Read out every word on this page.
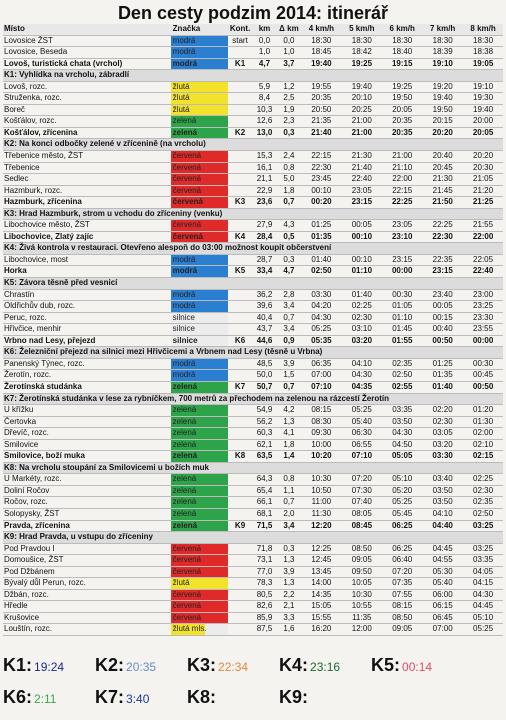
Den cesty podzim 2014: itinerář
Místo	Značka	Kont.	km	Δ km	4 km/h	5 km/h	6 km/h	7 km/h	8 km/h
Lovosice ŽST	modrá	start	0,0	0,0	18:30	18:30	18:30	18:30	18:30
Lovosice, Beseda	modrá	1,0	1,0	18:45	18:42	18:40	18:39	18:38
Lovoš, turistická chata (vrchol)	modrá	K1	4,7	3,7	19:40	19:25	19:15	19:10	19:05
K1: Vyhlídka na vrcholu, zábradlí
Lovoš, rozc.	žlutá	5,9	1,2	19:55	19:40	19:25	19:20	19:10
Struženka, rozc.	žlutá	8,4	2,5	20:35	20:10	19:50	19:40	19:30
Boreč	žlutá	10,3	1,9	20:50	20:25	20:05	19:50	19:40
Košťálov, rozc.	zelená	12,6	2,3	21:35	21:00	20:35	20:15	20:00
Košťálov, zřícenina	zelená	K2	13,0	0,3	21:40	21:00	20:35	20:20	20:05
K2: Na konci odbočky zelené v zřícenině (na vrcholu)
Třebenice město, ŽST	červená	15,3	2,4	22:15	21:30	21:00	20:40	20:20
Třebenice	červená	16,1	0,8	22:30	21:40	21:10	20:45	20:30
Sedlec	červená	21,1	5,0	23:45	22:40	22:00	21:30	21:05
Hazmburk, rozc.	červená	22,9	1,8	00:10	23:05	22:15	21:45	21:20
Hazmburk, zřícenina	červená	K3	23,6	0,7	00:20	23:15	22:25	21:50	21:25
K3: Hrad Hazmburk, strom u vchodu do zříceniny (venku)
Libochovice město, ŽST	červená	27,9	4,3	01:25	00:05	23:05	22:25	21:55
Libochovice, Zlatý zajíc	červená	K4	28,4	0,5	01:35	00:10	23:10	22:30	22:00
K4: Živá kontrola v restauraci. Otevřeno alespoň do 03:00 možnost koupit občerstvení
Libochovice, most	modrá	28,7	0,3	01:40	00:10	23:15	22:35	22:05
Horka	modrá	K5	33,4	4,7	02:50	01:10	00:00	23:15	22:40
K5: Závora těsně před vesnicí
Chrastín	modrá	36,2	2,8	03:30	01:40	00:30	23:40	23:00
Oldřichův dub, rozc.	modrá	39,6	3,4	04:20	02:25	01:05	00:05	23:25
Peruc, rozc.	silnice	40,4	0,7	04:30	02:30	01:10	00:15	23:30
Hřivčice, menhir	silnice	43,7	3,4	05:25	03:10	01:45	00:40	23:55
Vrbno nad Lesy, přejezd	silnice	K6	44,6	0,9	05:35	03:20	01:55	00:50	00:00
K6: Železniční přejezd na silnici mezi Hřivčicemi a Vrbnem nad Lesy (těsně u Vrbna)
Panenský Týnec, rozc.	modrá	48,5	3,9	06:35	04:10	02:35	01:25	00:30
Žerotín, rozc.	modrá	50,0	1,5	07:00	04:30	02:50	01:35	00:45
Žerotínská studánka	zelená	K7	50,7	0,7	07:10	04:35	02:55	01:40	00:50
K7: Žerotínská studánka v lese za rybníčkem, 700 metrů za přechodem na zelenou na rázcestí Žerotín
U křížku	zelená	54,9	4,2	08:15	05:25	03:35	02:20	01:20
Čertovka	zelená	56,2	1,3	08:30	05:40	03:50	02:30	01:30
Dřevíč, rozc.	zelená	60,3	4,1	09:30	06:30	04:30	03:05	02:00
Smilovice	zelená	62,1	1,8	10:00	06:55	04:50	03:20	02:10
Smilovice, boží muka	zelená	K8	63,5	1,4	10:20	07:10	05:05	03:30	02:15
K8: Na vrcholu stoupání za Smilovicemi u božích muk
U Markéty, rozc.	zelená	64,3	0,8	10:30	07:20	05:10	03:40	02:25
Doliní Ročov	zelená	65,4	1,1	10:50	07:30	05:20	03:50	02:30
Ročov, rozc.	zelená	66,1	0,7	11:00	07:40	05:25	03:50	02:35
Solopysky, ŽST	zelená	68,1	2,0	11:30	08:05	05:45	04:10	02:50
Pravda, zřícenina	zelená	K9	71,5	3,4	12:20	08:45	06:25	04:40	03:25
K9: Hrad Pravda, u vstupu do zříceniny
Pod Pravdou I	červená	71,8	0,3	12:25	08:50	06:25	04:45	03:25
Domoušice, ŽST	červená	73,1	1,3	12:45	09:05	06:40	04:55	03:35
Pod Džbánem	červená	77,0	3,9	13:45	09:50	07:20	05:30	04:05
Bývalý důl Perun, rozc.	žlutá	78,3	1,3	14:00	10:05	07:35	05:40	04:15
Džbán, rozc.	červená	80,5	2,2	14:35	10:30	07:55	06:00	04:30
Hředle	červená	82,6	2,1	15:05	10:55	08:15	06:15	04:45
Krušovice	červená	85,9	3,3	15:55	11:35	08:50	06:45	05:10
Louštín, rozc.	žlutá mls.	87,5	1,6	16:20	12:00	09:05	07:00	05:25
K1: 19:24 K2: 20:35 K3: 22:34 K4: 23:16 K5: 00:14
K6: 2:11 K7: 3:40 K8:	K9:
